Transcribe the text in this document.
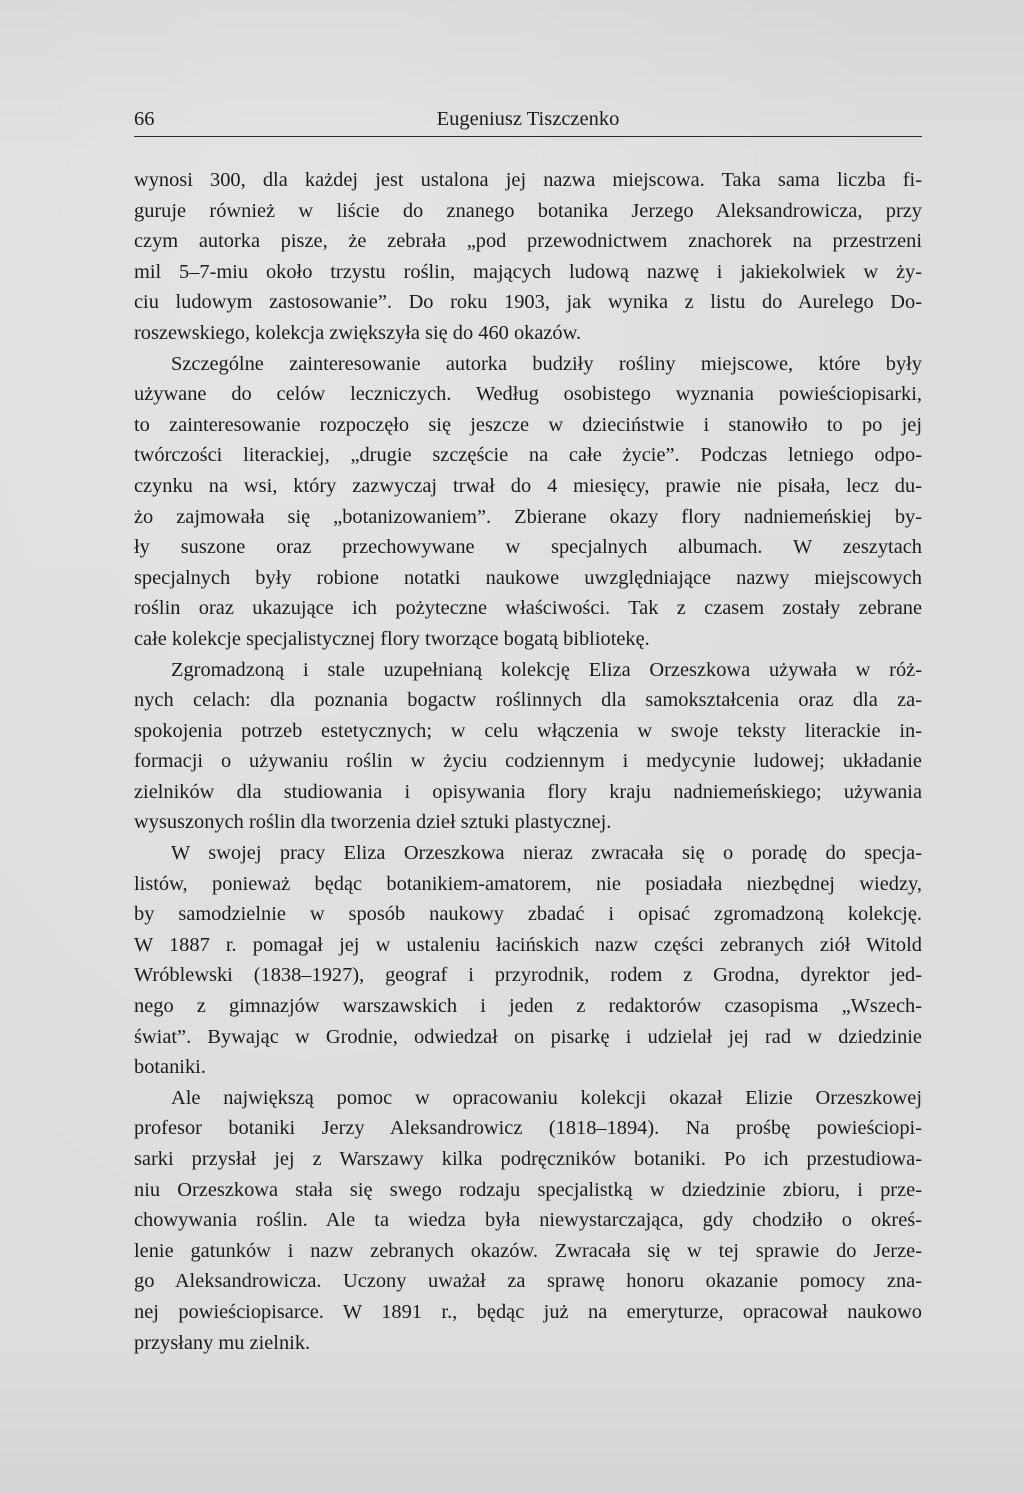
66	Eugeniusz Tiszczenko
wynosi 300, dla każdej jest ustalona jej nazwa miejscowa. Taka sama liczba fi-
guruje również w liście do znanego botanika Jerzego Aleksandrowicza, przy
czym autorka pisze, że zebrała „pod przewodnictwem znachorek na przestrzeni
mil 5–7-miu około trzystu roślin, mających ludową nazwę i jakiekolwiek w ży-
ciu ludowym zastosowanie”. Do roku 1903, jak wynika z listu do Aurelego Do-
roszewskiego, kolekcja zwiększyła się do 460 okazów.
Szczególne zainteresowanie autorka budziły rośliny miejscowe, które były
używane do celów leczniczych. Według osobistego wyznania powieściopisarki,
to zainteresowanie rozpoczęło się jeszcze w dzieciństwie i stanowiło to po jej
twórczości literackiej, „drugie szczęście na całe życie”. Podczas letniego odpo-
czynku na wsi, który zazwyczaj trwał do 4 miesięcy, prawie nie pisała, lecz du-
żo zajmowała się „botanizowaniem”. Zbierane okazy flory nadniemeńskiej by-
ły suszone oraz przechowywane w specjalnych albumach. W zeszytach
specjalnych były robione notatki naukowe uwzględniające nazwy miejscowych
roślin oraz ukazujące ich pożyteczne właściwości. Tak z czasem zostały zebrane
całe kolekcje specjalistycznej flory tworzące bogatą bibliotekę.
Zgromadzoną i stale uzupełnianą kolekcję Eliza Orzeszkowa używała w róż-
nych celach: dla poznania bogactw roślinnych dla samokształcenia oraz dla za-
spokojenia potrzeb estetycznych; w celu włączenia w swoje teksty literackie in-
formacji o używaniu roślin w życiu codziennym i medycynie ludowej; układanie
zielników dla studiowania i opisywania flory kraju nadniemeńskiego; używania
wysuszonych roślin dla tworzenia dzieł sztuki plastycznej.
W swojej pracy Eliza Orzeszkowa nieraz zwracała się o poradę do specja-
listów, ponieważ będąc botanikiem-amatorem, nie posiadała niezbędnej wiedzy,
by samodzielnie w sposób naukowy zbadać i opisać zgromadzoną kolekcję.
W 1887 r. pomagał jej w ustaleniu łacińskich nazw części zebranych ziół Witold
Wróblewski (1838–1927), geograf i przyrodnik, rodem z Grodna, dyrektor jed-
nego z gimnazjów warszawskich i jeden z redaktorów czasopisma „Wszech-
świat”. Bywając w Grodnie, odwiedzał on pisarkę i udzielał jej rad w dziedzinie
botaniki.
Ale największą pomoc w opracowaniu kolekcji okazał Elizie Orzeszkowej
profesor botaniki Jerzy Aleksandrowicz (1818–1894). Na prośbę powieściopi-
sarki przysłał jej z Warszawy kilka podręczników botaniki. Po ich przestudiowa-
niu Orzeszkowa stała się swego rodzaju specjalistką w dziedzinie zbioru, i prze-
chowywania roślin. Ale ta wiedza była niewystarczająca, gdy chodziło o okreś-
lenie gatunków i nazw zebranych okazów. Zwracała się w tej sprawie do Jerze-
go Aleksandrowicza. Uczony uważał za sprawę honoru okazanie pomocy zna-
nej powieściopisarce. W 1891 r., będąc już na emeryturze, opracował naukowo
przysłany mu zielnik.
